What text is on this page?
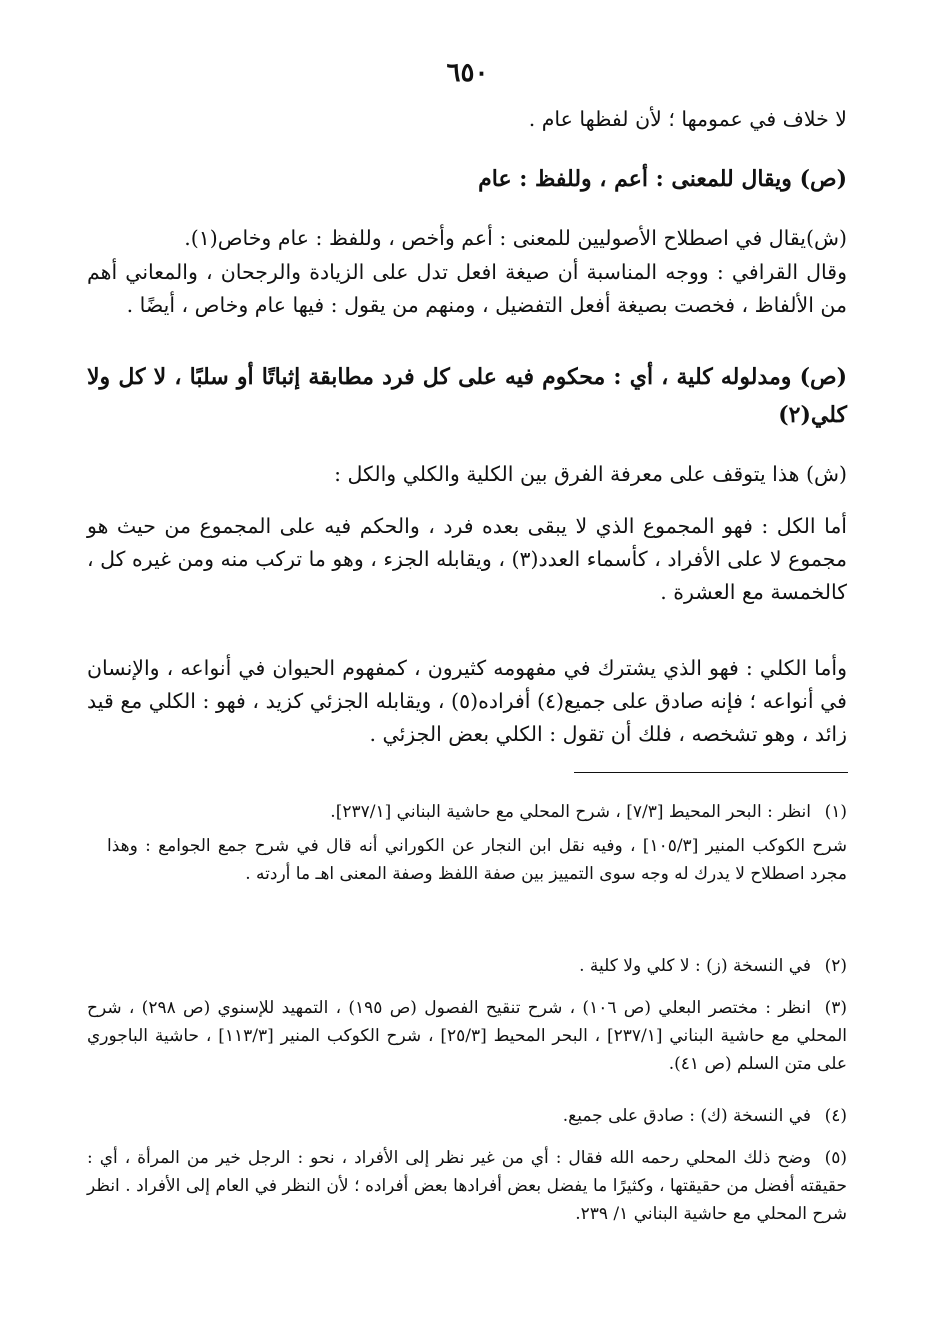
٦٥٠

لا خلاف في عمومها ؛ لأن لفظها عام .

(ص) ويقال للمعنى : أعم ، وللفظ : عام

(ش)يقال في اصطلاح الأصوليين للمعنى : أعم وأخص ، وللفظ : عام وخاص(١).

وقال القرافي : ووجه المناسبة أن صيغة افعل تدل على الزيادة والرجحان ، والمعاني أهم من الألفاظ ، فخصت بصيغة أفعل التفضيل ، ومنهم من يقول : فيها عام وخاص ، أيضًا .

(ص) ومدلوله كلية ، أي : محكوم فيه على كل فرد مطابقة إثباتًا أو سلبًا ، لا كل ولا كلي(٢)

(ش) هذا يتوقف على معرفة الفرق بين الكلية والكلي والكل :

أما الكل : فهو المجموع الذي لا يبقى بعده فرد ، والحكم فيه على المجموع من حيث هو مجموع لا على الأفراد ، كأسماء العدد(٣) ، ويقابله الجزء ، وهو ما تركب منه ومن غيره كل ، كالخمسة مع العشرة .

وأما الكلي : فهو الذي يشترك في مفهومه كثيرون ، كمفهوم الحيوان في أنواعه ، والإنسان في أنواعه ؛ فإنه صادق على جميع(٤) أفراده(٥) ، ويقابله الجزئي كزيد ، فهو : الكلي مع قيد زائد ، وهو تشخصه ، فلك أن تقول : الكلي بعض الجزئي .

(١)انظر : البحر المحيط [٧/٣] ، شرح المحلي مع حاشية البناني [٢٣٧/١].

شرح الكوكب المنير [١٠٥/٣] ، وفيه نقل ابن النجار عن الكوراني أنه قال في شرح جمع الجوامع : وهذا مجرد اصطلاح لا يدرك له وجه سوى التمييز بين صفة اللفظ وصفة المعنى اهـ ما أردته .

(٢)في النسخة (ز) : لا كلي ولا كلية .

(٣)انظر : مختصر البعلي (ص ١٠٦) ، شرح تنقيح الفصول (ص ١٩٥) ، التمهيد للإسنوي (ص ٢٩٨) ، شرح المحلي مع حاشية البناني [٢٣٧/١] ، البحر المحيط [٢٥/٣] ، شرح الكوكب المنير [١١٣/٣] ، حاشية الباجوري على متن السلم (ص ٤١).

(٤)في النسخة (ك) : صادق على جميع.

(٥)وضح ذلك المحلي رحمه الله فقال : أي من غير نظر إلى الأفراد ، نحو : الرجل خير من المرأة ، أي : حقيقته أفضل من حقيقتها ، وكثيرًا ما يفضل بعض أفرادها بعض أفراده ؛ لأن النظر في العام إلى الأفراد . انظر شرح المحلي مع حاشية البناني ١/ ٢٣٩.
